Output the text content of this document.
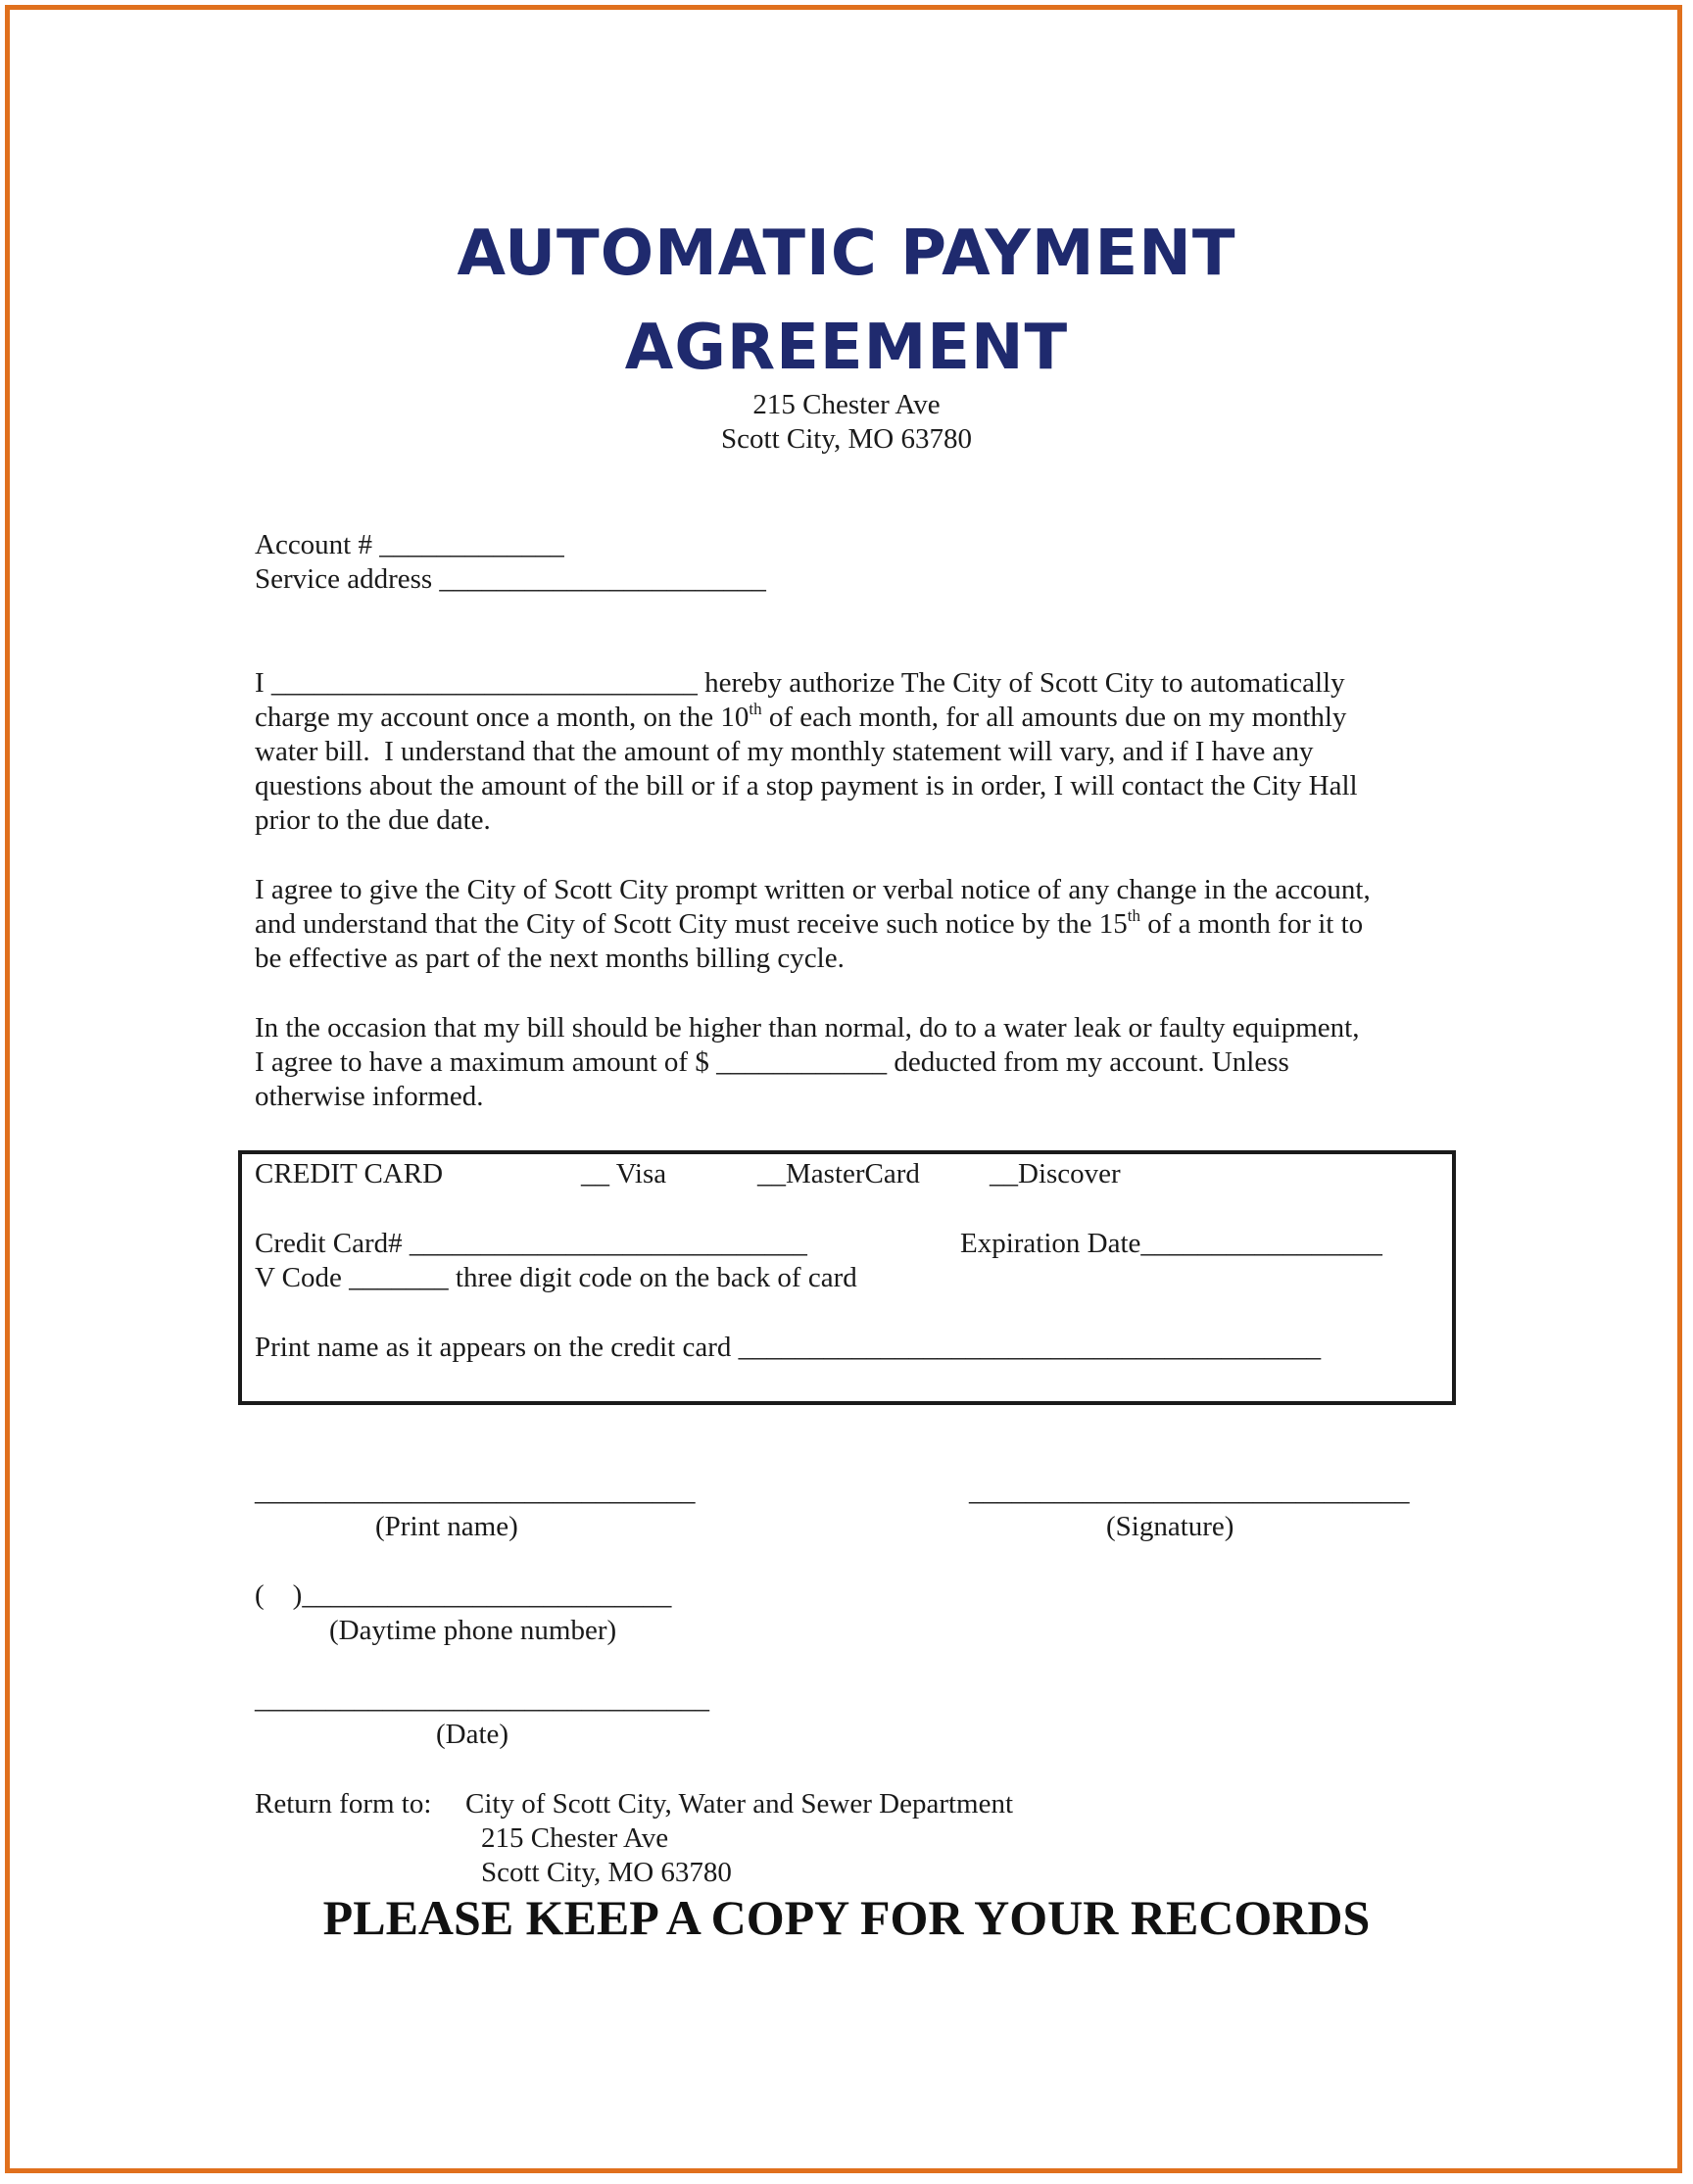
AUTOMATIC PAYMENT
AGREEMENT
215 Chester Ave
Scott City, MO 63780
Account # _____________
Service address _______________________
I ______________________________ hereby authorize The City of Scott City to automatically
charge my account once a month, on the 10th of each month, for all amounts due on my monthly
water bill.  I understand that the amount of my monthly statement will vary, and if I have any
questions about the amount of the bill or if a stop payment is in order, I will contact the City Hall
prior to the due date.
I agree to give the City of Scott City prompt written or verbal notice of any change in the account,
and understand that the City of Scott City must receive such notice by the 15th of a month for it to
be effective as part of the next months billing cycle.
In the occasion that my bill should be higher than normal, do to a water leak or faulty equipment,
I agree to have a maximum amount of $ ____________ deducted from my account. Unless
otherwise informed.
CREDIT CARD	__ Visa	__MasterCard __Discover
Credit Card# ____________________________	Expiration Date_________________
V Code _______ three digit code on the back of card
Print name as it appears on the credit card _________________________________________
_______________________________
(Print name)
_______________________________
(Signature)
(    )__________________________
(Daytime phone number)
________________________________
(Date)
Return form to: City of Scott City, Water and Sewer Department
215 Chester Ave
Scott City, MO 63780
PLEASE KEEP A COPY FOR YOUR RECORDS
